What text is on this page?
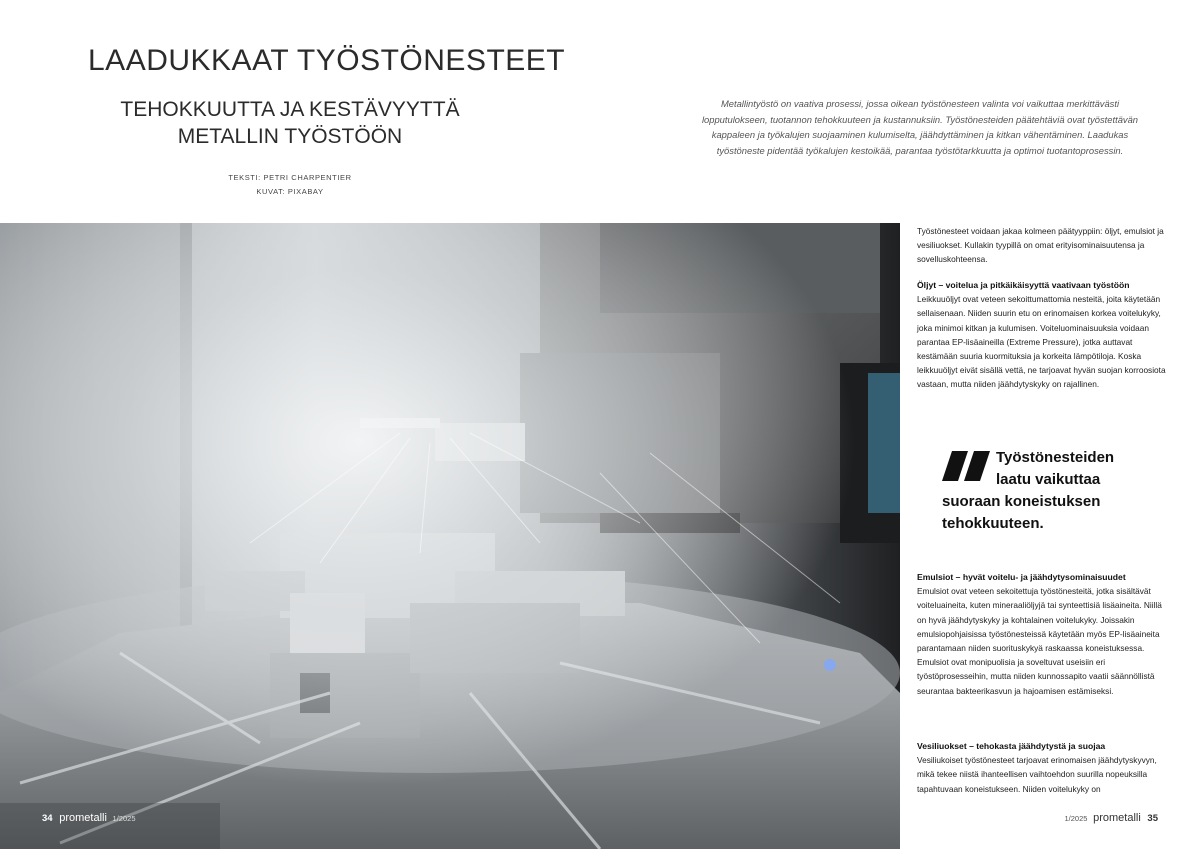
LAADUKKAAT TYÖSTÖNESTEET
TEHOKKUUTTA JA KESTÄVYYTTÄ
METALLIN TYÖSTÖÖN
TEKSTI: PETRI CHARPENTIER
KUVAT: PIXABAY
Metallintyöstö on vaativa prosessi, jossa oikean työstönesteen valinta voi vaikuttaa merkittävästi lopputulokseen, tuotannon tehokkuuteen ja kustannuksiin. Työstönesteiden päätehtäviä ovat työstettävän kappaleen ja työkalujen suojaaminen kulumiselta, jäähdyttäminen ja kitkan vähentäminen. Laadukas työstöneste pidentää työkalujen kestoikää, parantaa työstötarkkuutta ja optimoi tuotantoprosessin.

Työstönesteet voidaan jakaa kolmeen päätyyppiin: öljyt, emulsiot ja vesiliuokset. Kullakin tyypillä on omat erityisominaisuutensa ja sovelluskohteensa.

Öljyt – voitelua ja pitkäikäisyyttä vaativaan työstöön

Leikkuuöljyt ovat veteen sekoittumattomia nesteitä, joita käytetään sellaisenaan. Niiden suurin etu on erinomaisen korkea voitelukyky, joka minimoi kitkan ja kulumisen. Voiteluominaisuuksia voidaan parantaa EP-lisäaineilla (Extreme Pressure), jotka auttavat kestämään suuria kuormituksia ja korkeita lämpötiloja. Koska leikkuuöljyt eivät sisällä vettä, ne tarjoavat hyvän suojan korroosiota vastaan, mutta niiden jäähdytyskyky on rajallinen.

Työstönesteiden
laatu vaikuttaa
suoraan koneistuksen
tehokkuuteen.
Emulsiot – hyvät voitelu- ja jäähdytysominaisuudet

Emulsiot ovat veteen sekoitettuja työstönesteitä, jotka sisältävät voiteluaineita, kuten mineraaliöljyjä tai synteettisiä lisäaineita. Niillä on hyvä jäähdytyskyky ja kohtalainen voitelukyky. Joissakin emulsiopohjaisissa työstönesteissä käytetään myös EP-lisäaineita parantamaan niiden suorituskykyä raskaassa koneistuksessa. Emulsiot ovat monipuolisia ja soveltuvat useisiin eri työstöprosesseihin, mutta niiden kunnossapito vaatii säännöllistä seurantaa bakteerikasvun ja hajoamisen estämiseksi.

Vesiliuokset – tehokasta jäähdytystä ja suojaa

Vesiliukoiset työstönesteet tarjoavat erinomaisen jäähdytyskyvyn, mikä tekee niistä ihanteellisen vaihtoehdon suurilla nopeuksilla tapahtuvaan koneistukseen. Niiden voitelukyky on

34 prometalli 1/2025	1/2025 prometalli 35
